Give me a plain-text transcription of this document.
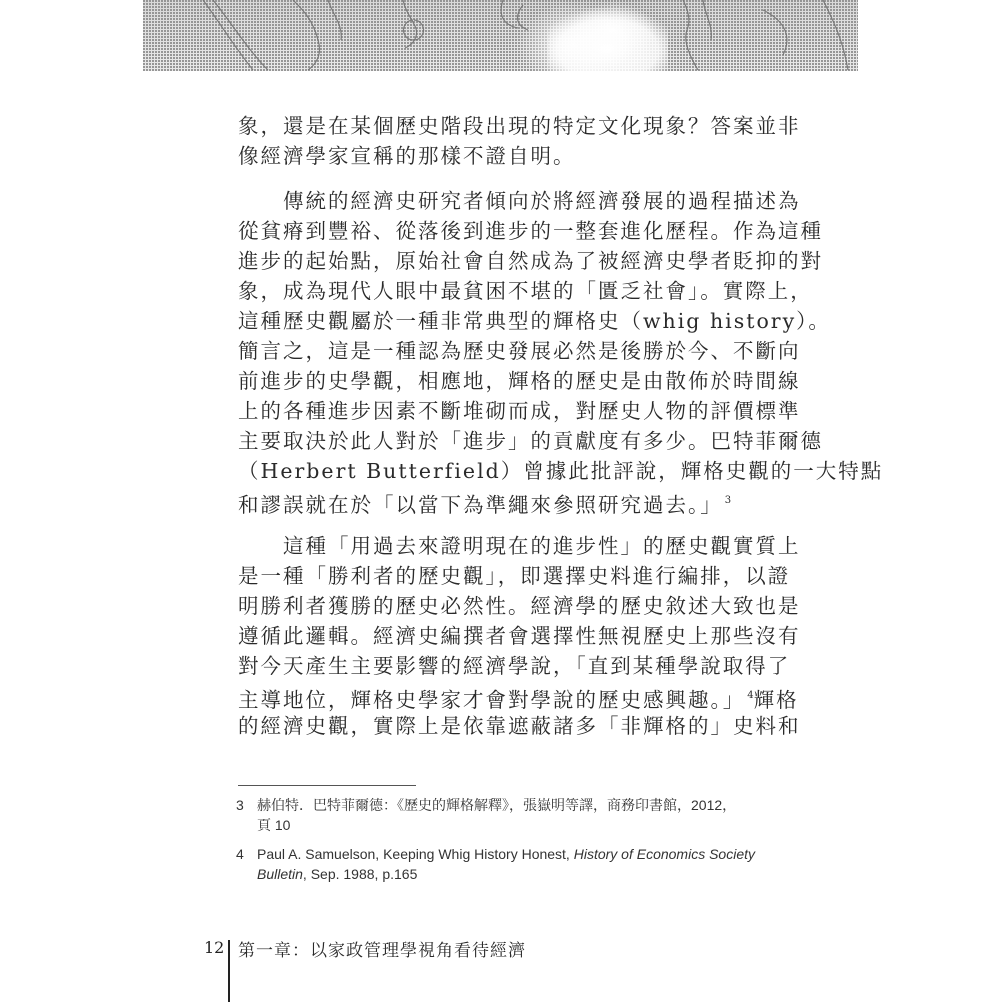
象，還是在某個歷史階段出現的特定文化現象？答案並非
像經濟學家宣稱的那樣不證自明。
傳統的經濟史研究者傾向於將經濟發展的過程描述為
從貧瘠到豐裕、從落後到進步的一整套進化歷程。作為這種
進步的起始點，原始社會自然成為了被經濟史學者貶抑的對
象，成為現代人眼中最貧困不堪的「匱乏社會」。實際上，
這種歷史觀屬於一種非常典型的輝格史（whig history）。
簡言之，這是一種認為歷史發展必然是後勝於今、不斷向
前進步的史學觀，相應地，輝格的歷史是由散佈於時間線
上的各種進步因素不斷堆砌而成，對歷史人物的評價標準
主要取決於此人對於「進步」的貢獻度有多少。巴特菲爾德
（Herbert Butterfield）曾據此批評說，輝格史觀的一大特點
和謬誤就在於「以當下為準繩來參照研究過去。」 $^3$
這種「用過去來證明現在的進步性」的歷史觀實質上
是一種「勝利者的歷史觀」，即選擇史料進行編排，以證
明勝利者獲勝的歷史必然性。經濟學的歷史敘述大致也是
遵循此邏輯。經濟史編撰者會選擇性無視歷史上那些沒有
對今天產生主要影響的經濟學說，「直到某種學說取得了
主導地位，輝格史學家才會對學說的歷史感興趣。」 $^4$輝格
的經濟史觀，實際上是依靠遮蔽諸多「非輝格的」史料和
3 赫伯特．巴特菲爾德：《歷史的輝格解釋》，張嶽明等譯，商務印書館，2012，
頁 10
4 Paul A. Samuelson, Keeping Whig History Honest, History of Economics Society
Bulletin, Sep. 1988, p.165
12 第一章：以家政管理學視角看待經濟
